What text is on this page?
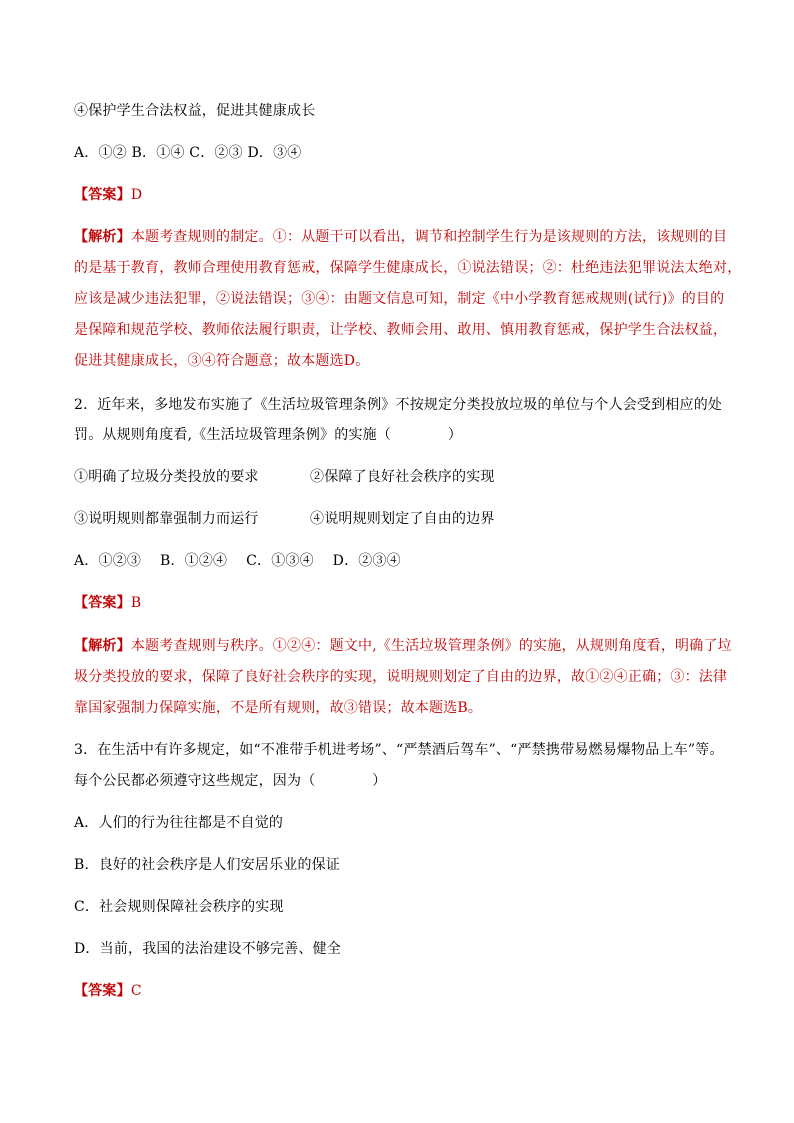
④保护学生合法权益，促进其健康成长
A．①② B．①④ C．②③ D．③④
【答案】D
【解析】本题考查规则的制定。①：从题干可以看出，调节和控制学生行为是该规则的方法，该规则的目
的是基于教育，教师合理使用教育惩戒，保障学生健康成长，①说法错误；②：杜绝违法犯罪说法太绝对，
应该是减少违法犯罪，②说法错误；③④：由题文信息可知，制定《中小学教育惩戒规则(试行)》的目的
是保障和规范学校、教师依法履行职责，让学校、教师会用、敢用、慎用教育惩戒，保护学生合法权益，
促进其健康成长，③④符合题意；故本题选D。
2．近年来，多地发布实施了《生活垃圾管理条例》不按规定分类投放垃圾的单位与个人会受到相应的处
罚。从规则角度看,《生活垃圾管理条例》的实施（　　　　）
①明确了垃圾分类投放的要求	②保障了良好社会秩序的实现
③说明规则都靠强制力而运行	④说明规则划定了自由的边界
A．①②③　 B．①②④　 C．①③④　 D．②③④
【答案】B
【解析】本题考查规则与秩序。①②④：题文中,《生活垃圾管理条例》的实施，从规则角度看，明确了垃
圾分类投放的要求，保障了良好社会秩序的实现，说明规则划定了自由的边界，故①②④正确；③：法律
靠国家强制力保障实施，不是所有规则，故③错误；故本题选B。
3．在生活中有许多规定，如“不准带手机进考场”、“严禁酒后驾车”、“严禁携带易燃易爆物品上车”等。
每个公民都必须遵守这些规定，因为（　　　　）
A．人们的行为往往都是不自觉的
B．良好的社会秩序是人们安居乐业的保证
C．社会规则保障社会秩序的实现
D．当前，我国的法治建设不够完善、健全
【答案】C
